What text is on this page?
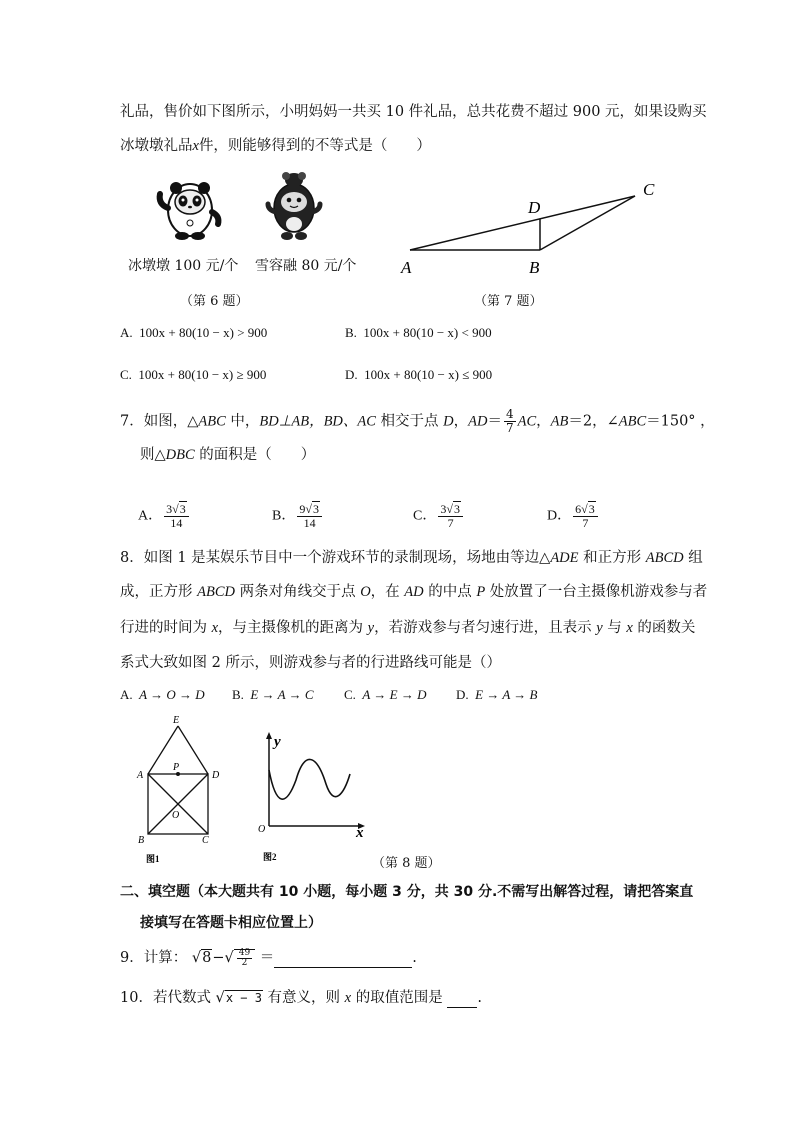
礼品，售价如下图所示，小明妈妈一共买 10 件礼品，总共花费不超过 900 元，如果设购买
冰墩墩礼品x件，则能够得到的不等式是（　　）
冰墩墩 100 元/个 雪容融 80 元/个
（第 6 题）
A	B
C
D
（第 7 题）
A. 100x + 80(10 − x) > 900	B. 100x + 80(10 − x) < 900
C. 100x + 80(10 − x) ≥ 900	D. 100x + 80(10 − x) ≤ 900
7．如图，△ABC 中，BD⊥AB，BD、AC 相交于点 D，$AD= \frac{4}{7}$ AC，AB＝2，∠ABC＝150° ，
则△DBC 的面积是（　　）
A． $\frac{3√3}{14}$	B． $\frac{9√3}{14}$	C． $\frac{3√3}{7}$	D． $\frac{6√3}{7}$
8．如图 1 是某娱乐节目中一个游戏环节的录制现场，场地由等边△ADE 和正方形 ABCD 组
成，正方形 ABCD 两条对角线交于点 O，在 AD 的中点 P 处放置了一台主摄像机游戏参与者
行进的时间为 x，与主摄像机的距离为 y，若游戏参与者匀速行进，且表示 y 与 x 的函数关
系式大致如图 2 所示，则游戏参与者的行进路线可能是（）
A. A → O → D B. E → A → C C. A → E → D D. E → A → B
E
A	D
P
O
B	C
图1
y
x
O
图2	（第 8 题）
二、填空题（本大题共有 10 小题，每小题 3 分，共 30 分.不需写出解答过程，请把答案直
接填写在答题卡相应位置上）
9．计算： $√8-√ \frac{49}{2}$ ＝	.
10．若代数式 √x − 3 有意义，则 x 的取值范围是 .
